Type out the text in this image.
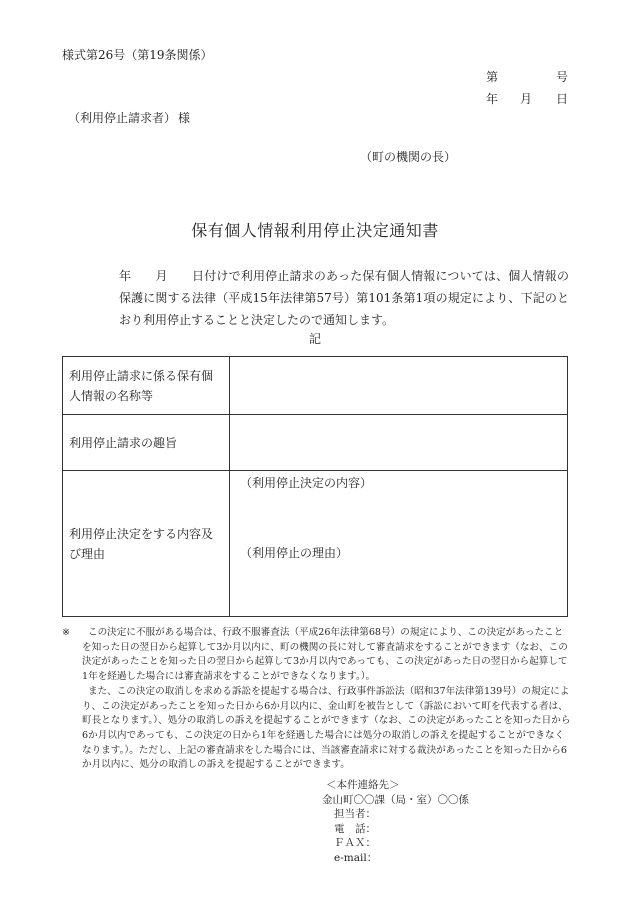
様式第26号（第19条関係）
第	号
年 月 日
（利用停止請求者） 様
（町の機関の長）
保有個人情報利用停止決定通知書
年　　月　　日付けで利用停止請求のあった保有個人情報については、個人情報の保護に関する法律（平成15年法律第57号）第101条第1項の規定により、下記のとおり利用停止することと決定したので通知します。
記
利用停止請求に係る保有個人情報の名称等	
利用停止請求の趣旨	
利用停止決定をする内容及び理由	（利用停止決定の内容）
（利用停止の理由）
※	この決定に不服がある場合は、行政不服審査法（平成26年法律第68号）の規定により、この決定があったことを知った日の翌日から起算して3か月以内に、町の機関の長に対して審査請求をすることができます（なお、この決定があったことを知った日の翌日から起算して3か月以内であっても、この決定があった日の翌日から起算して1年を経過した場合には審査請求をすることができなくなります。）。

また、この決定の取消しを求める訴訟を提起する場合は、行政事件訴訟法（昭和37年法律第139号）の規定により、この決定があったことを知った日から6か月以内に、金山町を被告として（訴訟において町を代表する者は、町長となります。）、処分の取消しの訴えを提起することができます（なお、この決定があったことを知った日から6か月以内であっても、この決定の日から1年を経過した場合には処分の取消しの訴えを提起することができなくなります。）。ただし、上記の審査請求をした場合には、当該審査請求に対する裁決があったことを知った日から6か月以内に、処分の取消しの訴えを提起することができます。

＜本件連絡先＞
金山町〇〇課（局・室）〇〇係
担当者：
電　話：
ＦＡＸ：
e-mail：
